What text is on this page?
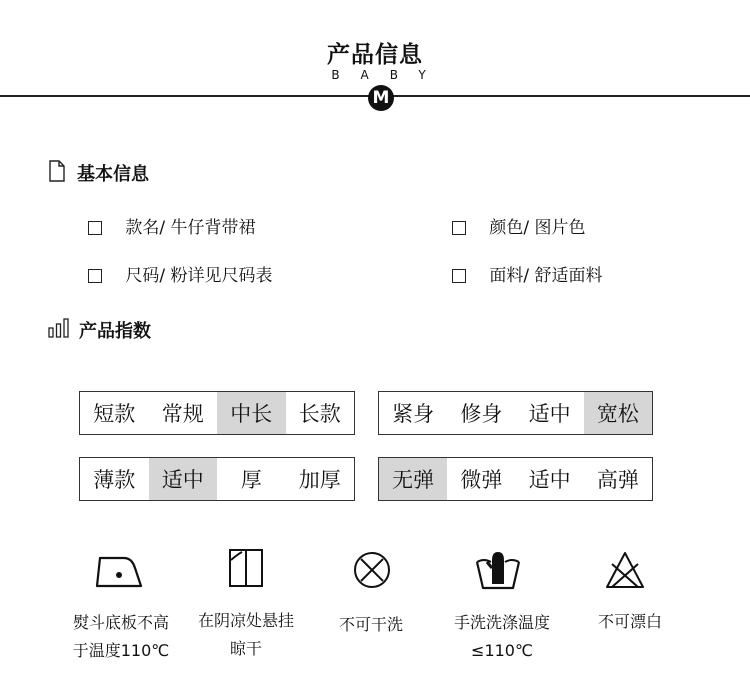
产品信息
BABY
M
基本信息
款名/ 牛仔背带裙	颜色/ 图片色
尺码/ 粉详见尺码表	面料/ 舒适面料
产品指数
短款	常规	中长	长款	紧身	修身	适中	宽松
薄款	适中	厚	加厚	无弹	微弹	适中	高弹
熨斗底板不高
于温度110℃
在阴凉处悬挂
晾干
不可干洗	手洗洗涤温度
≤110℃
不可漂白
